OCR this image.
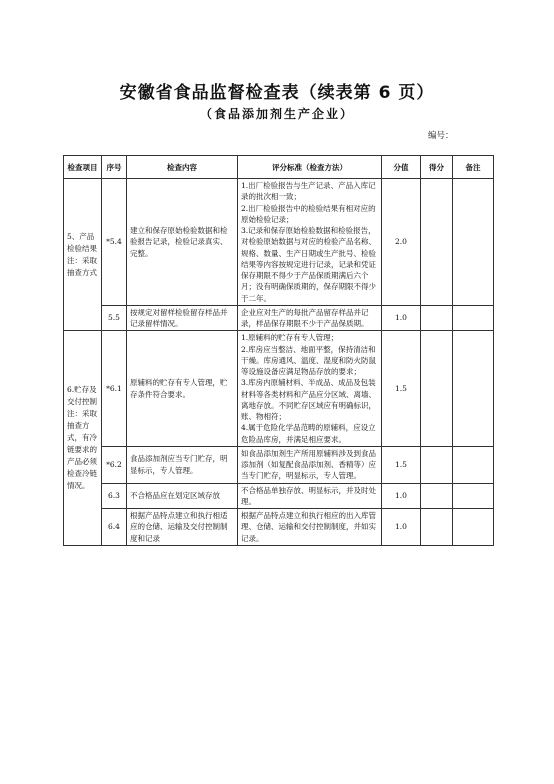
安徽省食品监督检查表（续表第 6 页）
（食品添加剂生产企业）
编号：
检查项目	序号	检查内容	评分标准（检查方法）	分值	得分	备注
5、产品检验结果 注：采取抽查方式	*5.4	建立和保存原始检验数据和检验报告记录，检验记录真实、完整。	1.出厂检验报告与生产记录、产品入库记录的批次相一致；
2.出厂检验报告中的检验结果有相对应的原始检验记录；
3.记录和保存原始检验数据和检验报告，对检验原始数据与对应的检验产品名称、规格、数量、生产日期或生产批号、检验结果等内容按规定进行记录，记录和凭证保存期限不得少于产品保质期满后六个月；没有明确保质期的，保存期限不得少于二年。	2.0		
	5.5	按规定对留样检验留存样品并记录留样情况。	企业应对生产的每批产品留存样品并记录，样品保存期限不少于产品保质期。	1.0		
6.贮存及交付控制 注：采取抽查方式，有冷链要求的产品必须检查冷链情况。	*6.1	原辅料的贮存有专人管理，贮存条件符合要求。	1.原辅料的贮存有专人管理；
2.库房应当整洁、地面平整，保持清洁和干燥。库房通风、温度、湿度和防火防鼠等设施设备应满足物品存放的要求；
3.库房内原辅材料、半成品、成品及包装材料等各类材料和产品应分区域、离墙、离地存放。不同贮存区域应有明确标识，账、物相符；
4.属于危险化学品范畴的原辅料，应设立危险品库房，并满足相应要求。	1.5		
	*6.2	食品添加剂应当专门贮存，明显标示，专人管理。	如食品添加剂生产所用原辅料涉及到食品添加剂（如复配食品添加剂、香精等）应当专门贮存，明显标示，专人管理。	1.5		
	6.3	不合格品应在划定区域存放	不合格品单独存放、明显标示，并及时处理。	1.0		
	6.4	根据产品特点建立和执行相适应的仓储、运输及交付控制制度和记录	根据产品特点建立和执行相应的出入库管理、仓储、运输和交付控制制度，并如实记录。	1.0		
